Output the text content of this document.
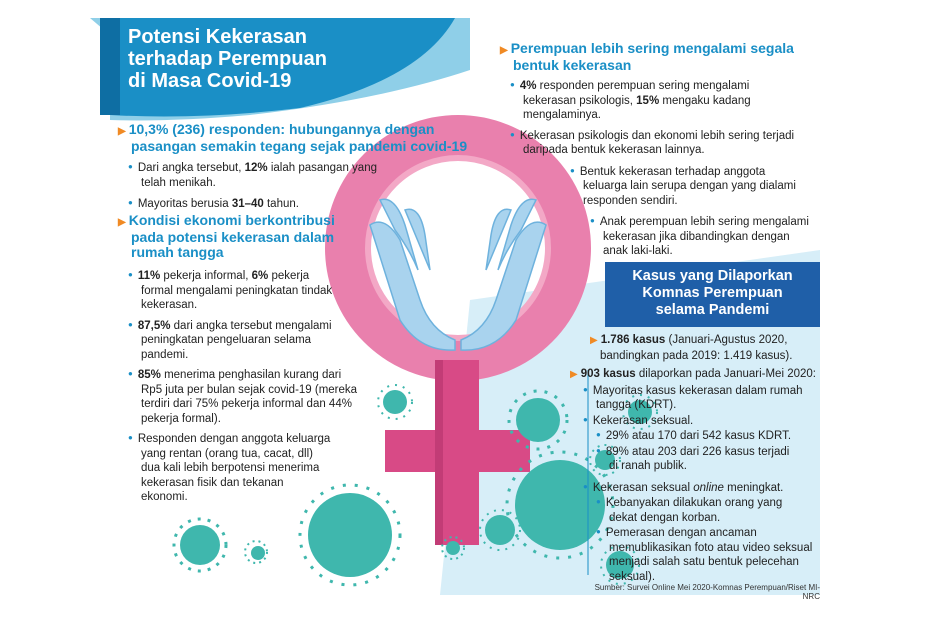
Potensi Kekerasan
terhadap Perempuan
di Masa Covid-19
▶ 10,3% (236) responden: hubungannya dengan
pasangan semakin tegang sejak pandemi covid-19
● Dari angka tersebut, 12% ialah pasangan yang
telah menikah.
● Mayoritas berusia 31–40 tahun.
▶ Kondisi ekonomi berkontribusi
pada potensi kekerasan dalam
rumah tangga
● 11% pekerja informal, 6% pekerja
formal mengalami peningkatan tindak
kekerasan.
● 87,5% dari angka tersebut mengalami
peningkatan pengeluaran selama
pandemi.
● 85% menerima penghasilan kurang dari
Rp5 juta per bulan sejak covid-19 (mereka
terdiri dari 75% pekerja informal dan 44%
pekerja formal).
● Responden dengan anggota keluarga
yang rentan (orang tua, cacat, dll)
dua kali lebih berpotensi menerima
kekerasan fisik dan tekanan
ekonomi.
▶ Perempuan lebih sering mengalami segala
bentuk kekerasan
● 4% responden perempuan sering mengalami
kekerasan psikologis, 15% mengaku kadang
mengalaminya.
● Kekerasan psikologis dan ekonomi lebih sering terjadi
daripada bentuk kekerasan lainnya.
● Bentuk kekerasan terhadap anggota
keluarga lain serupa dengan yang dialami
responden sendiri.
● Anak perempuan lebih sering mengalami
kekerasan jika dibandingkan dengan
anak laki-laki.
Kasus yang Dilaporkan
Komnas Perempuan
selama Pandemi
▶ 1.786 kasus (Januari-Agustus 2020,
bandingkan pada 2019: 1.419 kasus).
▶ 903 kasus dilaporkan pada Januari-Mei 2020:
● Mayoritas kasus kekerasan dalam rumah
tangga (KDRT).
● Kekerasan seksual.
● 29% atau 170 dari 542 kasus KDRT.
● 89% atau 203 dari 226 kasus terjadi
di ranah publik.
● Kekerasan seksual online meningkat.
● Kebanyakan dilakukan orang yang
dekat dengan korban.
● Pemerasan dengan ancaman
memublikasikan foto atau video seksual
menjadi salah satu bentuk pelecehan
seksual).
Sumber: Survei Online Mei 2020-Komnas Perempuan/Riset MI-NRC
